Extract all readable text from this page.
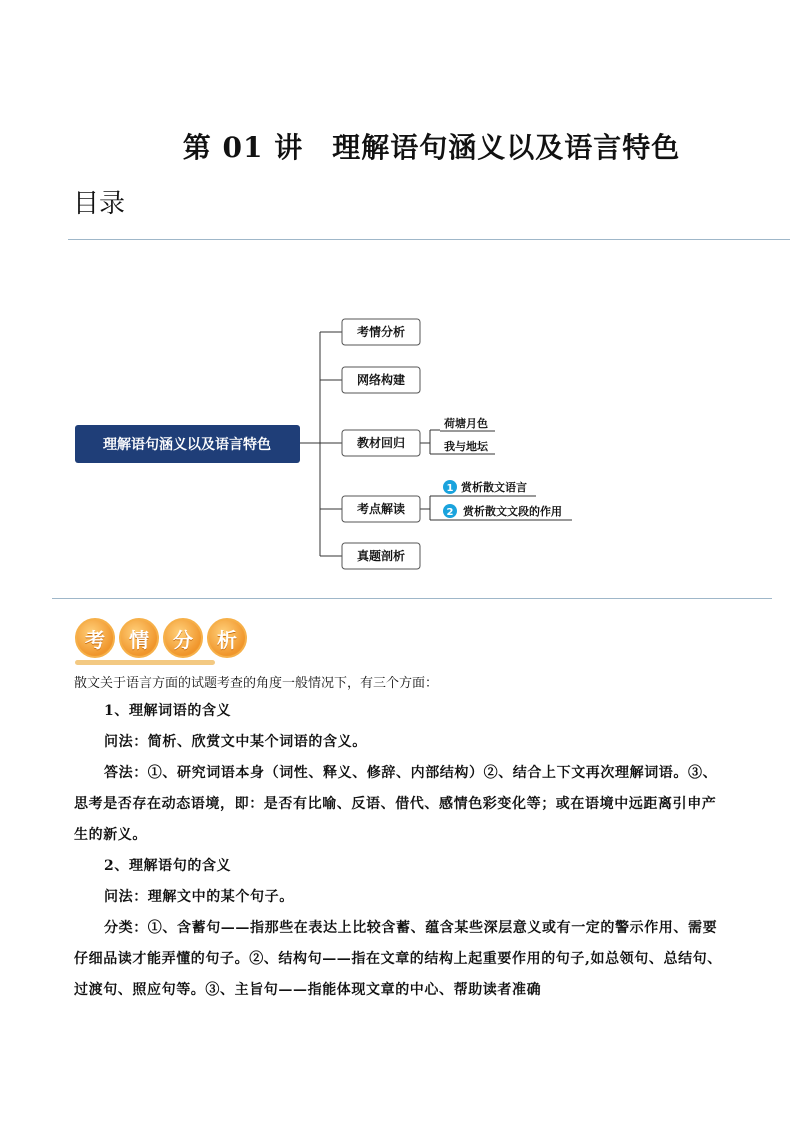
第 01 讲　理解语句涵义以及语言特色
目录
理解语句涵义以及语言特色
考情分析
网络构建
教材回归
考点解读
真题剖析
荷塘月色
我与地坛
1 赏析散文语言
2 赏析散文文段的作用
考	情	分	析

散文关于语言方面的试题考查的角度一般情况下，有三个方面：

1、理解词语的含义

问法：简析、欣赏文中某个词语的含义。

答法：①、研究词语本身（词性、释义、修辞、内部结构）②、结合上下文再次理解词语。③、思考是否存在动态语境，即：是否有比喻、反语、借代、感情色彩变化等；或在语境中远距离引申产生的新义。

2、理解语句的含义

问法：理解文中的某个句子。

分类：①、含蓄句——指那些在表达上比较含蓄、蕴含某些深层意义或有一定的警示作用、需要仔细品读才能弄懂的句子。②、结构句——指在文章的结构上起重要作用的句子,如总领句、总结句、过渡句、照应句等。③、主旨句——指能体现文章的中心、帮助读者准确
